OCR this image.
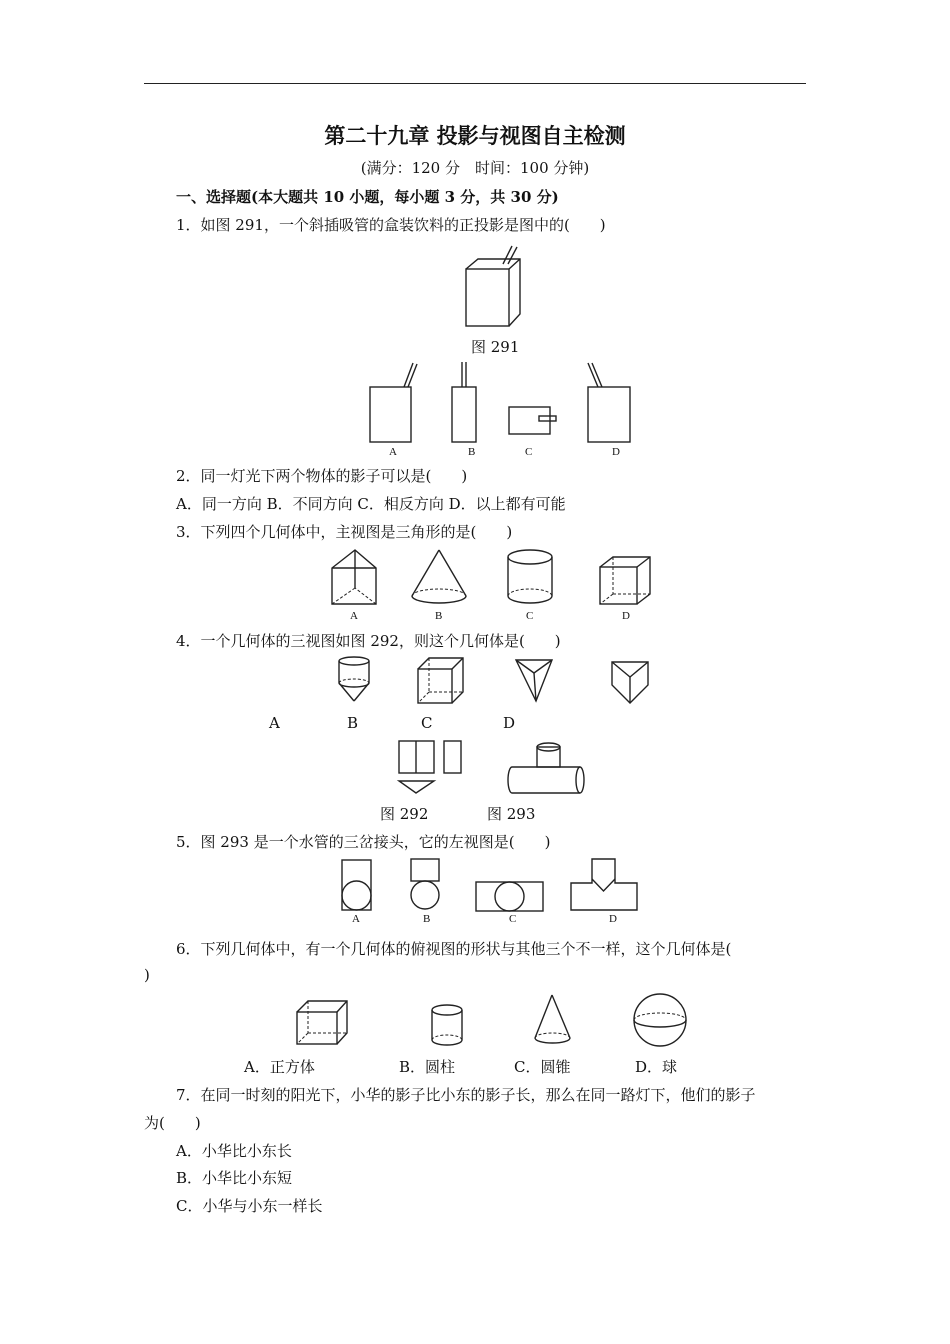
第二十九章 投影与视图自主检测
(满分：120 分　时间：100 分钟)
一、选择题(本大题共 10 小题，每小题 3 分，共 30 分)
1．如图 291，一个斜插吸管的盒装饮料的正投影是图中的(　　)
图 291
A	B	C	D
2．同一灯光下两个物体的影子可以是(　　)
A．同一方向 B．不同方向 C．相反方向 D．以上都有可能
3．下列四个几何体中，主视图是三角形的是(　　)
A	B	C	D
4．一个几何体的三视图如图 292，则这个几何体是(　　)
A	B	C	D
图 292	图 293
5．图 293 是一个水管的三岔接头，它的左视图是(　　)
A	B	C	D
6．下列几何体中，有一个几何体的俯视图的形状与其他三个不一样，这个几何体是(
)
A．正方体	B．圆柱	C．圆锥	D．球
7．在同一时刻的阳光下，小华的影子比小东的影子长，那么在同一路灯下，他们的影子
为(　　)
A．小华比小东长
B．小华比小东短
C．小华与小东一样长
